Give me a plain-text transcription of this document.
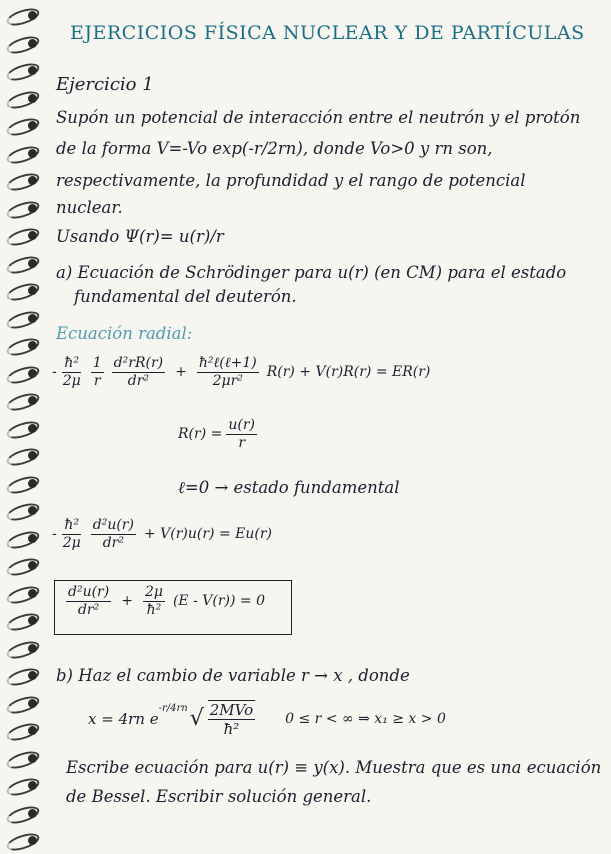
EJERCICIOS FÍSICA NUCLEAR Y DE PARTÍCULAS
Ejercicio 1
Supón un potencial de interacción entre el neutrón y el protón
de la forma V=-Vo exp(-r/2rn), donde Vo>0 y rn son,
respectivamente, la profundidad y el rango de potencial
nuclear.
Usando Ψ(r)= u(r)/r
a) Ecuación de Schrödinger para u(r) (en CM) para el estado
fundamental del deuterón.
Ecuación radial:
- $\frac{\text{ħ²}}{2\mu} \frac{1}{r} \frac{\text{d²rR(r)}}{\text{dr²}} + \frac{\text{ħ²ℓ(ℓ+1)}}{\text{2μr²}} R(r) + V(r)R(r) = ER(r)$
$R(r) = \frac{u(r)}{r}$
ℓ=0 → estado fundamental
- $\frac{\text{ħ²}}{2\mu} \frac{\text{d²u(r)}}{\text{dr²}} + V(r)u(r) = Eu(r)$
$\frac{\text{d²u(r)}}{\text{dr²}} + \frac{2\mu}{\text{ħ²}} (E - V(r)) = 0$
b) Haz el cambio de variable r → x , donde
x = 4rn e
$^{-r/4rn}$ √ $\frac{\text{2MVo}}{\text{ħ²}} 0 \le r$ < ∞ ⇒ x₁ ≥ x > 0
Escribe ecuación para u(r) ≡ y(x). Muestra que es una ecuación
de Bessel. Escribir solución general.
